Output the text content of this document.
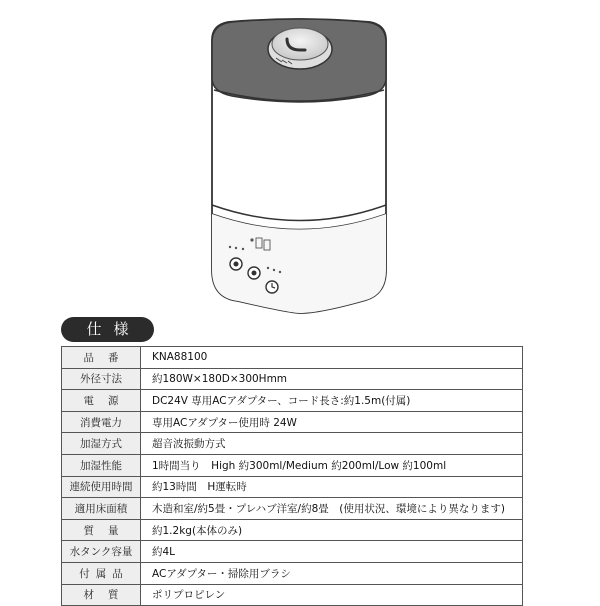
仕様
品番	KNA88100
外径寸法	約180W×180D×300Hmm
電源	DC24V 専用ACアダプター、コード長さ:約1.5m(付属)
消費電力	専用ACアダプター使用時 24W
加湿方式	超音波振動方式
加湿性能	1時間当り　High 約300ml/Medium 約200ml/Low 約100ml
連続使用時間	約13時間　H運転時
適用床面積	木造和室/約5畳・プレハブ洋室/約8畳　(使用状況、環境により異なります)
質量	約1.2kg(本体のみ)
水タンク容量	約4L
付属品	ACアダプター・掃除用ブラシ
材質	ポリプロピレン
